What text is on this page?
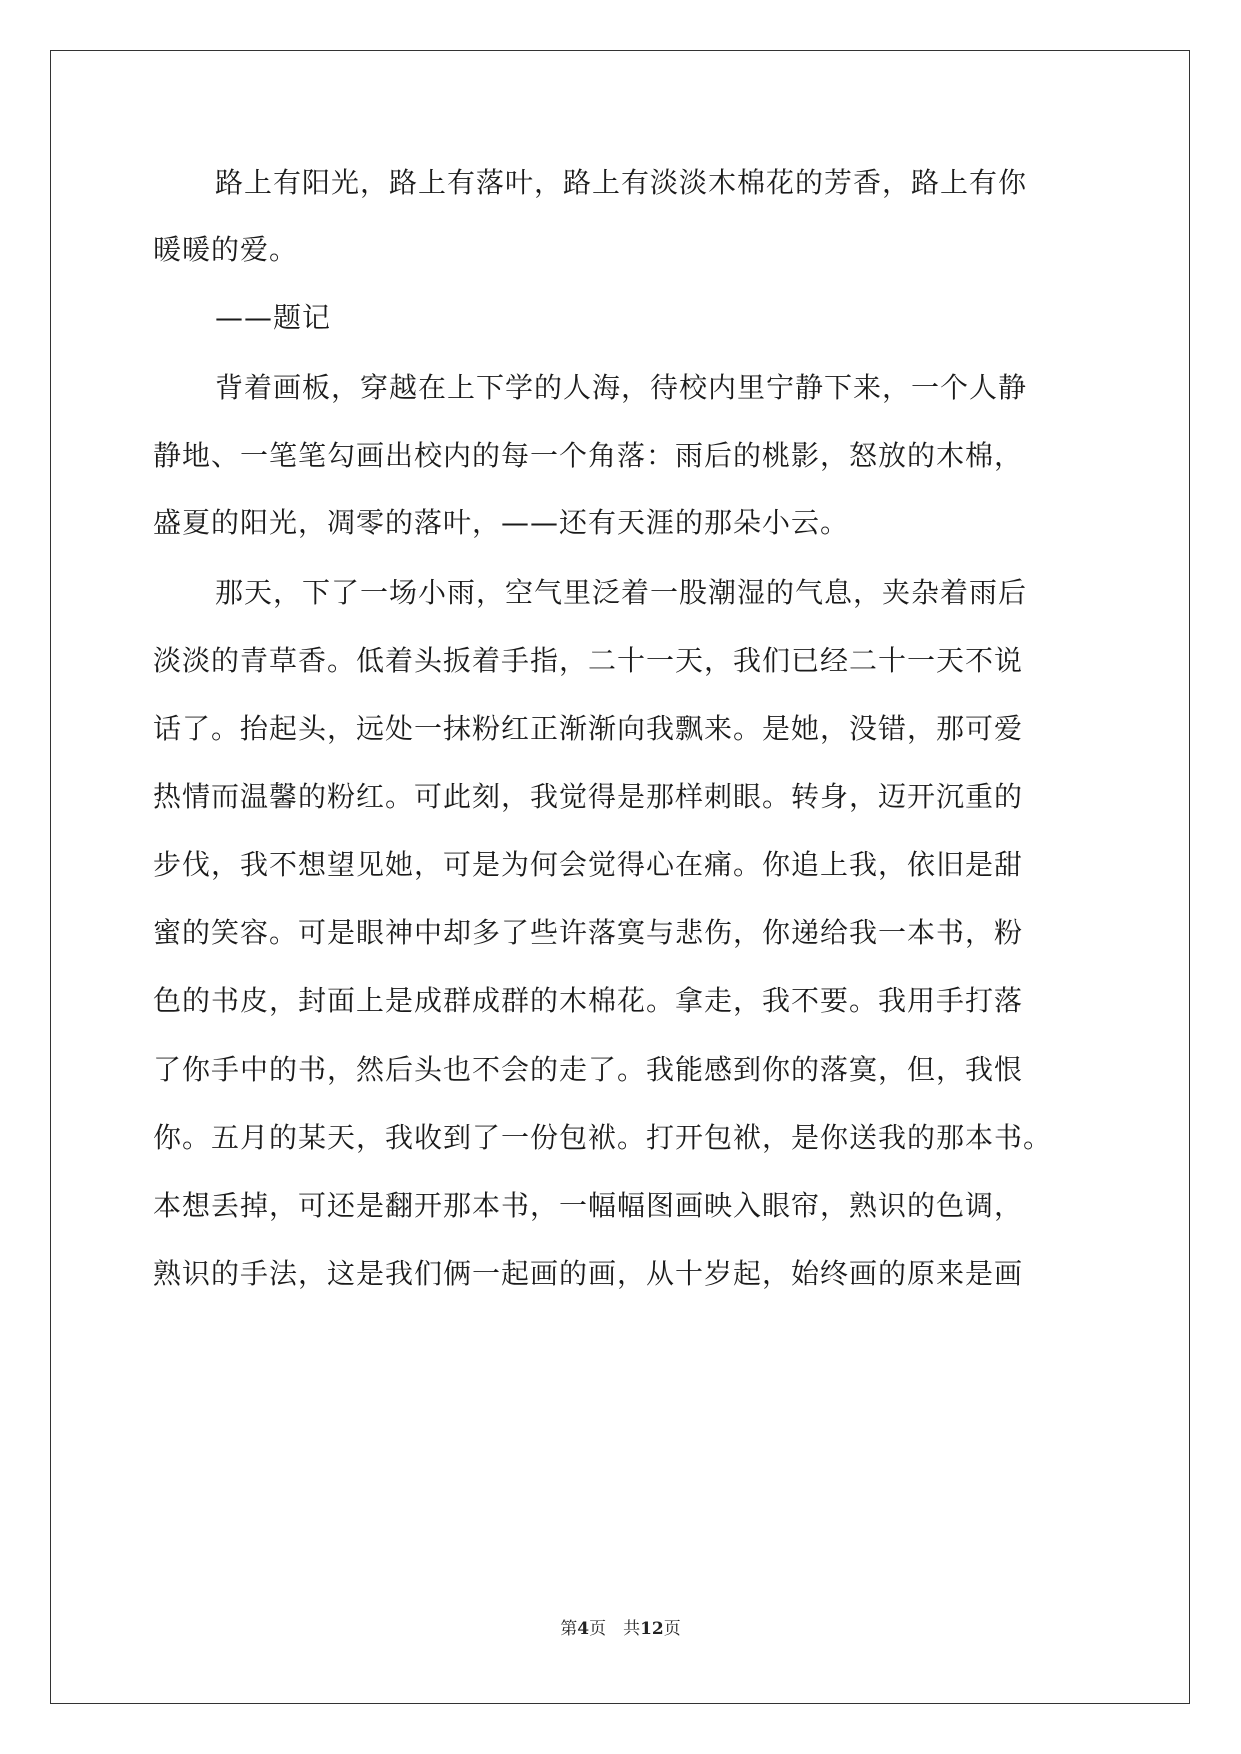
路上有阳光，路上有落叶，路上有淡淡木棉花的芳香，路上有你
暖暖的爱。
——题记
背着画板，穿越在上下学的人海，待校内里宁静下来，一个人静
静地、一笔笔勾画出校内的每一个角落：雨后的桃影，怒放的木棉，
盛夏的阳光，凋零的落叶，——还有天涯的那朵小云。
那天，下了一场小雨，空气里泛着一股潮湿的气息，夹杂着雨后
淡淡的青草香。低着头扳着手指，二十一天，我们已经二十一天不说
话了。抬起头，远处一抹粉红正渐渐向我飘来。是她，没错，那可爱
热情而温馨的粉红。可此刻，我觉得是那样刺眼。转身，迈开沉重的
步伐，我不想望见她，可是为何会觉得心在痛。你追上我，依旧是甜
蜜的笑容。可是眼神中却多了些许落寞与悲伤，你递给我一本书，粉
色的书皮，封面上是成群成群的木棉花。拿走，我不要。我用手打落
了你手中的书，然后头也不会的走了。我能感到你的落寞，但，我恨
你。五月的某天，我收到了一份包袱。打开包袱，是你送我的那本书。
本想丢掉，可还是翻开那本书，一幅幅图画映入眼帘，熟识的色调，
熟识的手法，这是我们俩一起画的画，从十岁起，始终画的原来是画
第4页　共12页
